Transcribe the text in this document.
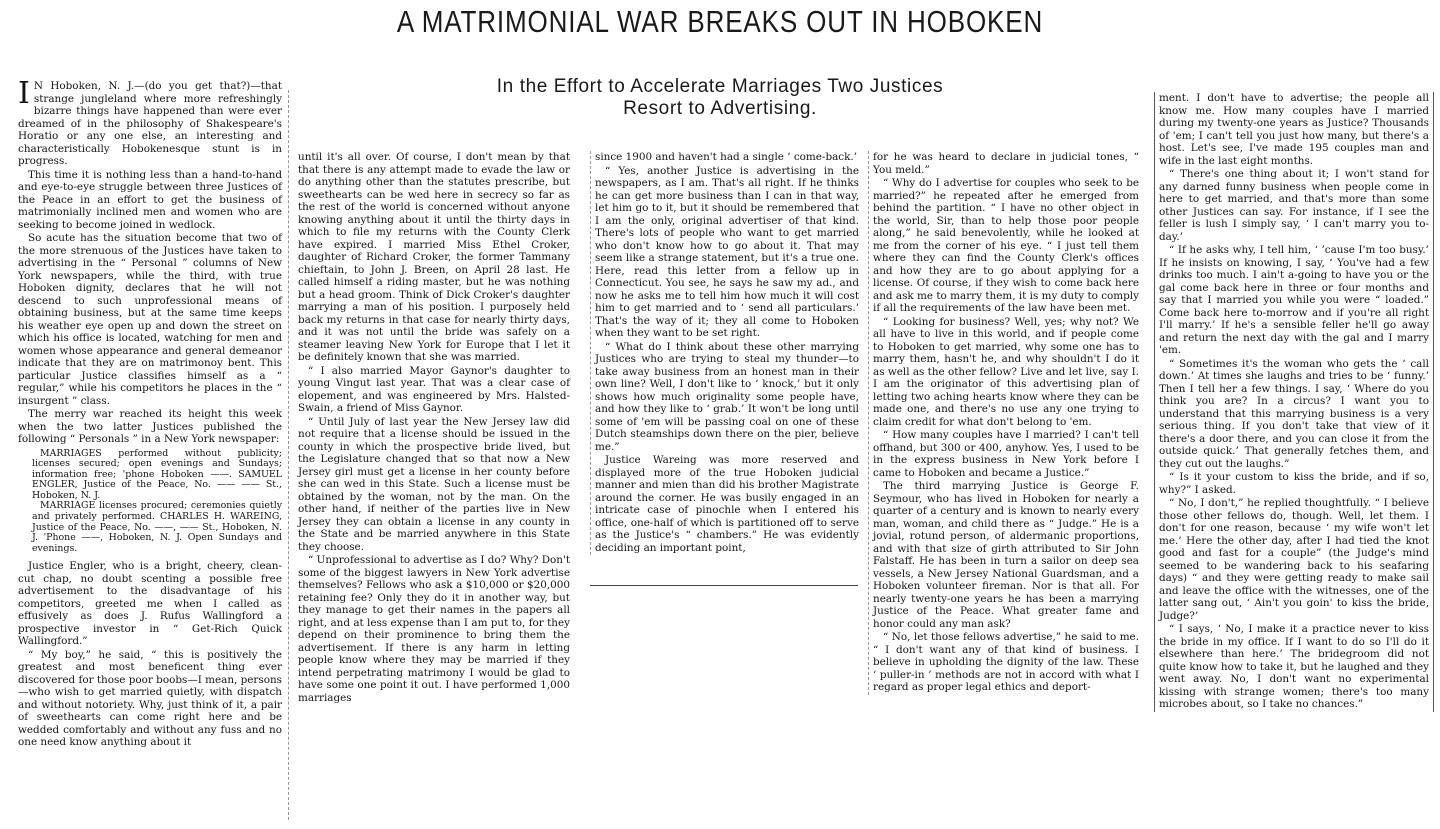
A MATRIMONIAL WAR BREAKS OUT IN HOBOKEN
In the Effort to Accelerate Marriages Two Justices Resort to Advertising.

I N Hoboken, N. J.—(do you get that?)—that strange jungleland where more refreshingly bizarre things have happened than were ever dreamed of in the philosophy of Shakespeare's Horatio or any one else, an interesting and characteristically Hobokenesque stunt is in progress.

This time it is nothing less than a hand-to-hand and eye-to-eye struggle between three Justices of the Peace in an effort to get the business of matrimonially inclined men and women who are seeking to become joined in wedlock.

So acute has the situation become that two of the more strenuous of the Justices have taken to advertising in the “ Personal ” columns of New York newspapers, while the third, with true Hoboken dignity, declares that he will not descend to such unprofessional means of obtaining business, but at the same time keeps his weather eye open up and down the street on which his office is located, watching for men and women whose appearance and general demeanor indicate that they are on matrimonoy bent. This particular Justice classifies himself as a “ regular,” while his competitors he places in the “ insurgent ” class.

The merry war reached its height this week when the two latter Justices published the following “ Personals ” in a New York newspaper:

MARRIAGES performed without publicity; licenses secured; open evenings and Sundays; information free; 'phone Hoboken ——. SAMUEL ENGLER, Justice of the Peace, No. —— —— St., Hoboken, N. J.

MARRIAGE licenses procured; ceremonies quietly and privately performed. CHARLES H. WAREING, Justice of the Peace, No. ——, —— St., Hoboken, N. J. 'Phone ——, Hoboken, N. J. Open Sundays and evenings.

Justice Engler, who is a bright, cheery, clean-cut chap, no doubt scenting a possible free advertisement to the disadvantage of his competitors, greeted me when I called as effusively as does J. Rufus Wallingford a prospective investor in “ Get-Rich Quick Wallingford.”

“ My boy,” he said, “ this is positively the greatest and most beneficent thing ever discovered for those poor boobs—I mean, persons—who wish to get married quietly, with dispatch and without notoriety. Why, just think of it, a pair of sweethearts can come right here and be wedded comfortably and without any fuss and no one need know anything about it

until it's all over. Of course, I don't mean by that that there is any attempt made to evade the law or do anything other than the statutes prescribe, but sweethearts can be wed here in secrecy so far as the rest of the world is concerned without anyone knowing anything about it until the thirty days in which to file my returns with the County Clerk have expired. I married Miss Ethel Croker, daughter of Richard Croker, the former Tammany chieftain, to John J. Breen, on April 28 last. He called himself a riding master, but he was nothing but a head groom. Think of Dick Croker's daughter marrying a man of his position. I purposely held back my returns in that case for nearly thirty days, and it was not until the bride was safely on a steamer leaving New York for Europe that I let it be definitely known that she was married.

“ I also married Mayor Gaynor's daughter to young Vingut last year. That was a clear case of elopement, and was engineered by Mrs. Halsted-Swain, a friend of Miss Gaynor.

“ Until July of last year the New Jersey law did not require that a license should be issued in the county in which the prospective bride lived, but the Legislature changed that so that now a New Jersey girl must get a license in her county before she can wed in this State. Such a license must be obtained by the woman, not by the man. On the other hand, if neither of the parties live in New Jersey they can obtain a license in any county in the State and be married anywhere in this State they choose.

“ Unprofessional to advertise as I do? Why? Don't some of the biggest lawyers in New York advertise themselves? Fellows who ask a $10,000 or $20,000 retaining fee? Only they do it in another way, but they manage to get their names in the papers all right, and at less expense than I am put to, for they depend on their prominence to bring them the advertisement. If there is any harm in letting people know where they may be married if they intend perpetrating matrimony I would be glad to have some one point it out. I have performed 1,000 marriages

since 1900 and haven't had a single ‘ come-back.’

“ Yes, another Justice is advertising in the newspapers, as I am. That's all right. If he thinks he can get more business than I can in that way, let him go to it, but it should be remembered that I am the only, original advertiser of that kind. There's lots of people who want to get married who don't know how to go about it. That may seem like a strange statement, but it's a true one. Here, read this letter from a fellow up in Connecticut. You see, he says he saw my ad., and now he asks me to tell him how much it will cost him to get married and to ‘ send all particulars.’ That's the way of it; they all come to Hoboken when they want to be set right.

“ What do I think about these other marrying Justices who are trying to steal my thunder—to take away business from an honest man in their own line? Well, I don't like to ‘ knock,’ but it only shows how much originality some people have, and how they like to ‘ grab.’ It won't be long until some of 'em will be passing coal on one of these Dutch steamships down there on the pier, believe me.”

Justice Wareing was more reserved and displayed more of the true Hoboken judicial manner and mien than did his brother Magistrate around the corner. He was busily engaged in an intricate case of pinochle when I entered his office, one-half of which is partitioned off to serve as the Justice's “ chambers.” He was evidently deciding an important point,

for he was heard to declare in judicial tones, “ You meld.”

“ Why do I advertise for couples who seek to be married?” he repeated after he emerged from behind the partition. “ I have no other object in the world, Sir, than to help those poor people along,” he said benevolently, while he looked at me from the corner of his eye. “ I just tell them where they can find the County Clerk's offices and how they are to go about applying for a license. Of course, if they wish to come back here and ask me to marry them, it is my duty to comply if all the requirements of the law have been met.

“ Looking for business? Well, yes; why not? We all have to live in this world, and if people come to Hoboken to get married, why some one has to marry them, hasn't he, and why shouldn't I do it as well as the other fellow? Live and let live, say I. I am the originator of this advertising plan of letting two aching hearts know where they can be made one, and there's no use any one trying to claim credit for what don't belong to 'em.

“ How many couples have I married? I can't tell offhand, but 300 or 400, anyhow. Yes, I used to be in the express business in New York before I came to Hoboken and became a Justice.”

The third marrying Justice is George F. Seymour, who has lived in Hoboken for nearly a quarter of a century and is known to nearly every man, woman, and child there as “ Judge.” He is a jovial, rotund person, of aldermanic proportions, and with that size of girth attributed to Sir John Falstaff. He has been in turn a sailor on deep sea vessels, a New Jersey National Guardsman, and a Hoboken volunteer fireman. Nor is that all. For nearly twenty-one years he has been a marrying Justice of the Peace. What greater fame and honor could any man ask?

“ No, let those fellows advertise,” he said to me. “ I don't want any of that kind of business. I believe in upholding the dignity of the law. These ‘ puller-in ’ methods are not in accord with what I regard as proper legal ethics and deport-

ment. I don't have to advertise; the people all know me. How many couples have I married during my twenty-one years as Justice? Thousands of 'em; I can't tell you just how many, but there's a host. Let's see, I've made 195 couples man and wife in the last eight months.

“ There's one thing about it; I won't stand for any darned funny business when people come in here to get married, and that's more than some other Justices can say. For instance, if I see the feller is lush I simply say, ‘ I can't marry you to-day.’

“ If he asks why, I tell him, ‘ ’cause I'm too busy.’ If he insists on knowing, I say, ‘ You've had a few drinks too much. I ain't a-going to have you or the gal come back here in three or four months and say that I married you while you were “ loaded.” Come back here to-morrow and if you're all right I'll marry.’ If he's a sensible feller he'll go away and return the next day with the gal and I marry 'em.

“ Sometimes it's the woman who gets the ‘ call down.’ At times she laughs and tries to be ‘ funny.’ Then I tell her a few things. I say, ‘ Where do you think you are? In a circus? I want you to understand that this marrying business is a very serious thing. If you don't take that view of it there's a door there, and you can close it from the outside quick.’ That generally fetches them, and they cut out the laughs.”

“ Is it your custom to kiss the bride, and if so, why?” I asked.

“ No, I don't,” he replied thoughtfully. “ I believe those other fellows do, though. Well, let them. I don't for one reason, because ‘ my wife won't let me.’ Here the other day, after I had tied the knot good and fast for a couple” (the Judge's mind seemed to be wandering back to his seafaring days) “ and they were getting ready to make sail and leave the office with the witnesses, one of the latter sang out, ‘ Ain't you goin' to kiss the bride, Judge?’

“ I says, ‘ No, I make it a practice never to kiss the bride in my office. If I want to do so I'll do it elsewhere than here.’ The bridegroom did not quite know how to take it, but he laughed and they went away. No, I don't want no experimental kissing with strange women; there's too many microbes about, so I take no chances.”
